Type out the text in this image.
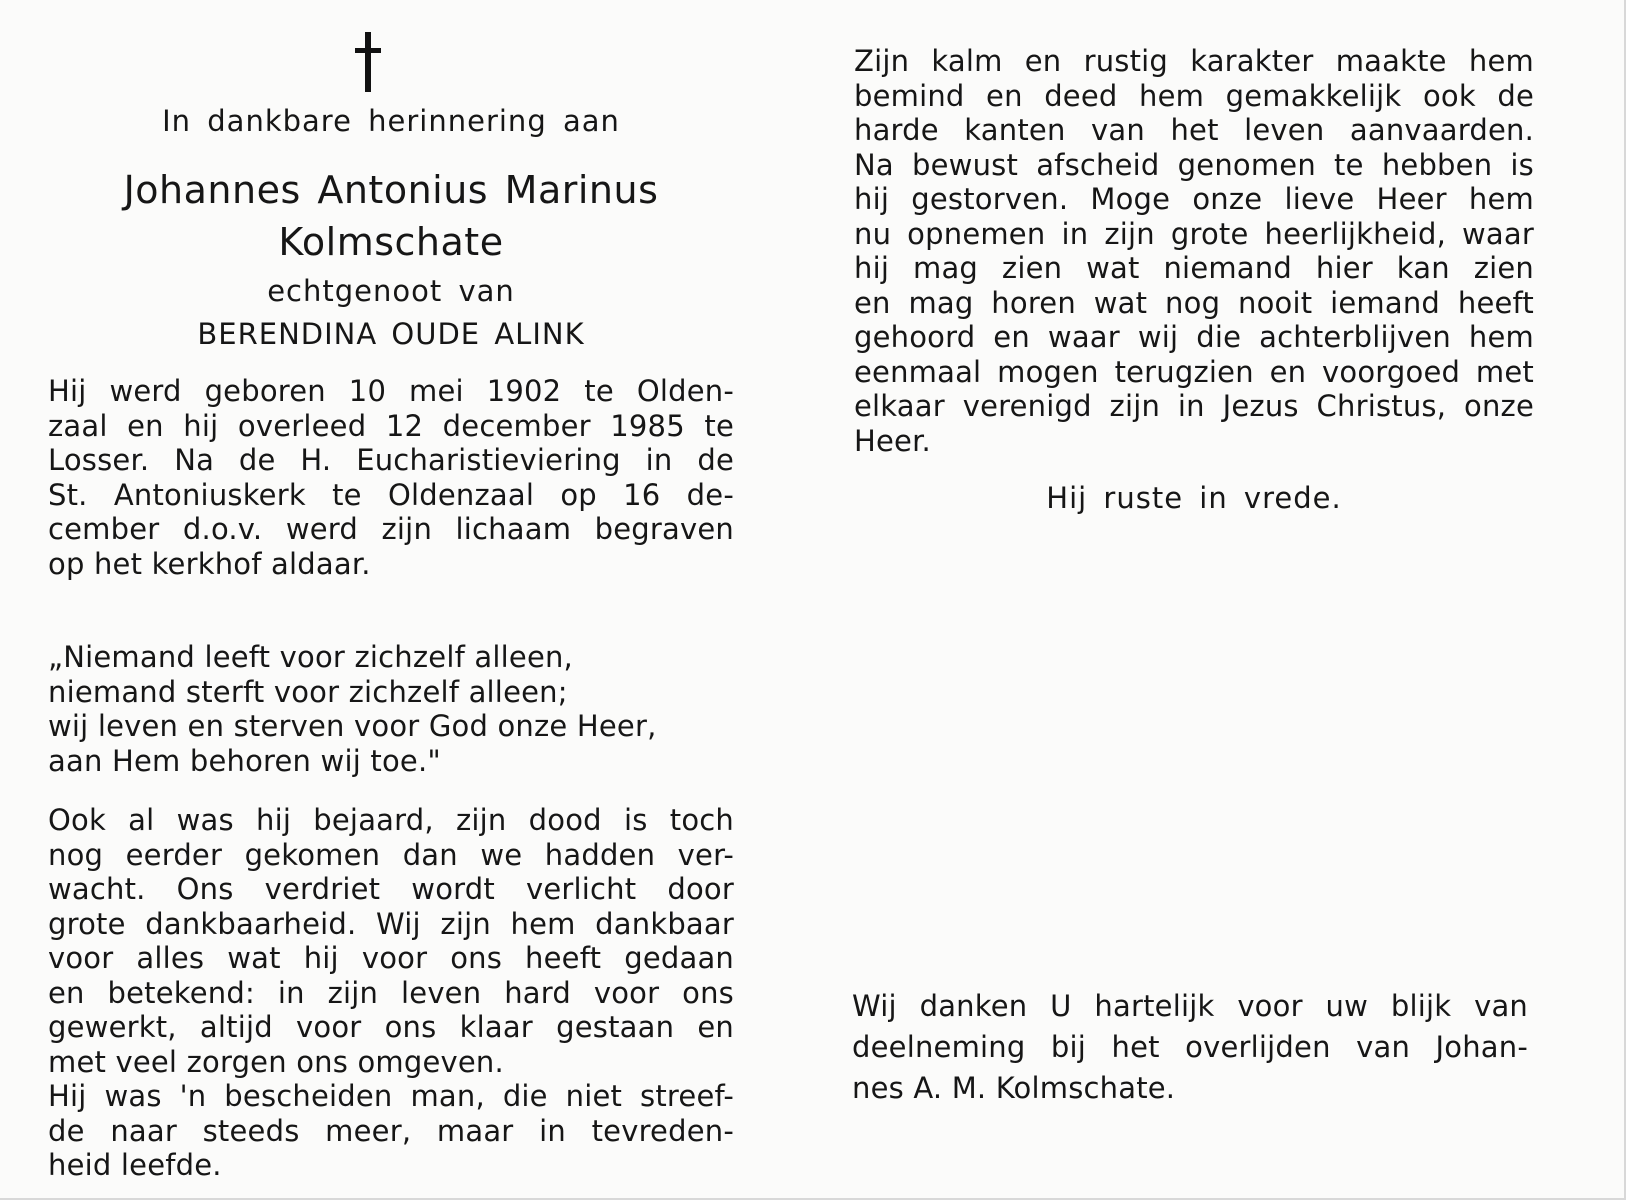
In dankbare herinnering aan
Johannes Antonius Marinus
Kolmschate
echtgenoot van
BERENDINA OUDE ALINK
Hij werd geboren 10 mei 1902 te Olden-
zaal en hij overleed 12 december 1985 te
Losser. Na de H. Eucharistieviering in de
St. Antoniuskerk te Oldenzaal op 16 de-
cember d.o.v. werd zijn lichaam begraven
op het kerkhof aldaar.
„Niemand leeft voor zichzelf alleen,
niemand sterft voor zichzelf alleen;
wij leven en sterven voor God onze Heer,
aan Hem behoren wij toe."
Ook al was hij bejaard, zijn dood is toch
nog eerder gekomen dan we hadden ver-
wacht. Ons verdriet wordt verlicht door
grote dankbaarheid. Wij zijn hem dankbaar
voor alles wat hij voor ons heeft gedaan
en betekend: in zijn leven hard voor ons
gewerkt, altijd voor ons klaar gestaan en
met veel zorgen ons omgeven.
Hij was 'n bescheiden man, die niet streef-
de naar steeds meer, maar in tevreden-
heid leefde.
Zijn kalm en rustig karakter maakte hem
bemind en deed hem gemakkelijk ook de
harde kanten van het leven aanvaarden.
Na bewust afscheid genomen te hebben is
hij gestorven. Moge onze lieve Heer hem
nu opnemen in zijn grote heerlijkheid, waar
hij mag zien wat niemand hier kan zien
en mag horen wat nog nooit iemand heeft
gehoord en waar wij die achterblijven hem
eenmaal mogen terugzien en voorgoed met
elkaar verenigd zijn in Jezus Christus, onze
Heer.
Hij ruste in vrede.
Wij danken U hartelijk voor uw blijk van
deelneming bij het overlijden van Johan-
nes A. M. Kolmschate.
